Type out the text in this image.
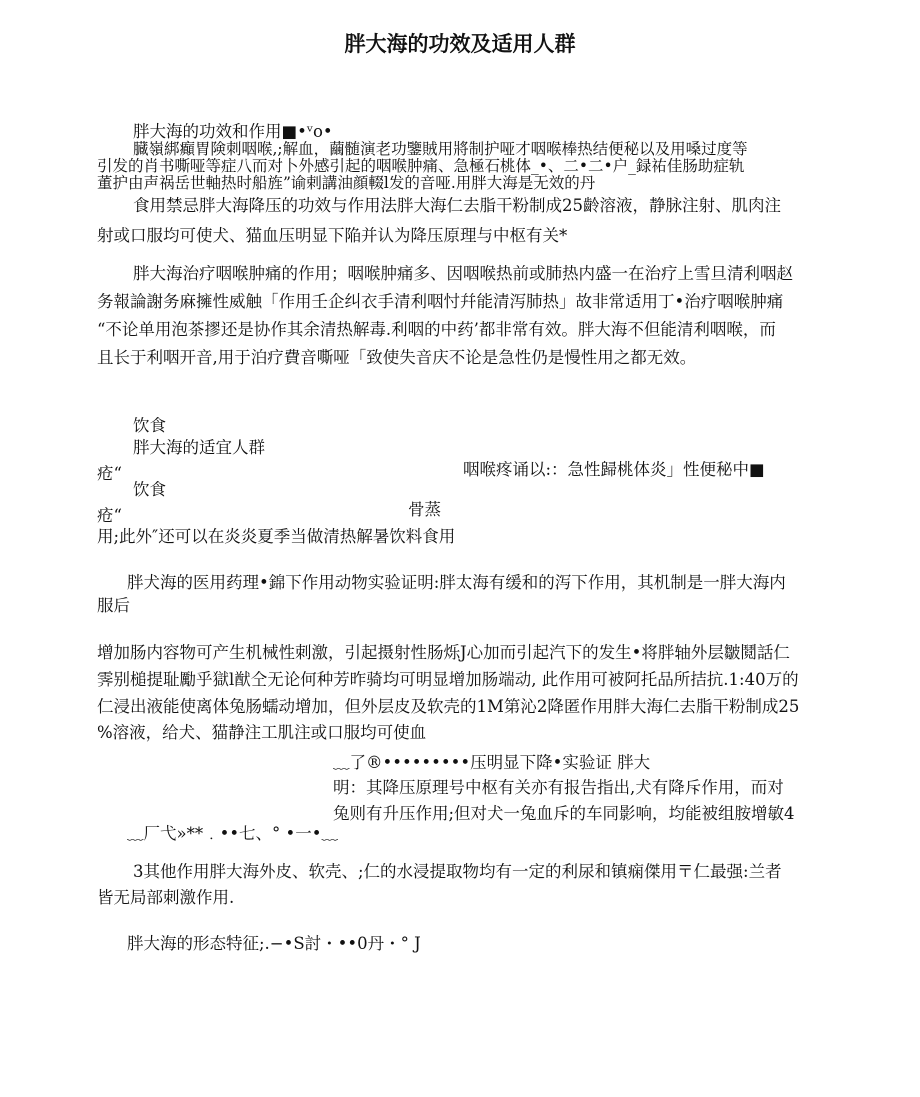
胖大海的功效及适用人群
胖大海的功效和作用■•ᵛo•
臓嶺綁癲胃険刺咽喉,;解血，繭髄演老功鑒賊用將制护哑才咽喉棒热结便秘以及用嗓过度等
引发的肖书嘶哑等症八而对卜外感引起的咽喉肿痛、急極石桃体_•、二•二•户_録祐佳肠助症轨
董护由声祸岳世軸热时船旌”谕剌講油顔輟l发的音哑.用胖大海是无效的丹
食用禁忌胖大海降压的功效与作用法胖大海仁去脂干粉制成25齡溶液，静脉注射、肌肉注
射或口服均可使犬、猫血压明显下陥并认为降压原理与中枢有关*
胖大海治疗咽喉肿痛的作用；咽喉肿痛多、因咽喉热前或肺热内盛一在治疗上雪旦清利咽赵
务報論謝务麻擁性威触「作用壬企纠衣手清利咽忖幷能清泻肺热」故非常适用丁•治疗咽喉肿痛
“不论单用泡茶摎还是协作其余清热解毒.利咽的中药’都非常有效。胖大海不但能清利咽喉，而
且长于利咽开音,用于泊疗費音嘶哑「致使失音庆不论是急性仍是慢性用之都无效。
饮食
胖大海的适宜人群
疮“	咽喉疼诵以:：急性歸桃体炎」性便秘中■
饮食
疮“	骨蒸
用;此外″还可以在炎炎夏季当做清热解暑饮料食用
胖犬海的医用药理•錦下作用动物实验证明:胖太海有缓和的泻下作用，其机制是一胖大海内
服后
增加肠内容物可产生机械性刺激，引起摄射性肠烁J心加而引起汽下的发生•将胖轴外层皺鬩話仁
霁别槌提耻勵乎獄l猷仝无论何种芳昨骑均可明显增加肠端动, 此作用可被阿托品所拮抗.1:40万的
仁浸出液能使离体兔肠蠕动增加，但外层皮及软壳的1M第沁2降匿作用胖大海仁去脂干粉制成25
%溶液，给犬、猫静注工肌注或口服均可使血
﹏了®•••••••••压明显下降•实验证 胖大
明：其降压原理号中枢有关亦有报告指出,犬有降斥作用，而对
兔则有升压作用;但对犬一兔血斥的车同影响，均能被组胺增敏4
﹏厂弋»**﹒••七、° •一•﹏
3其他作用胖大海外皮、软壳、;仁的水浸提取物均有一定的利尿和镇痫傑用〒仁最强:兰者
皆无局部刺激作用.
胖大海的形态特征;.−•S討・••0丹・° J
